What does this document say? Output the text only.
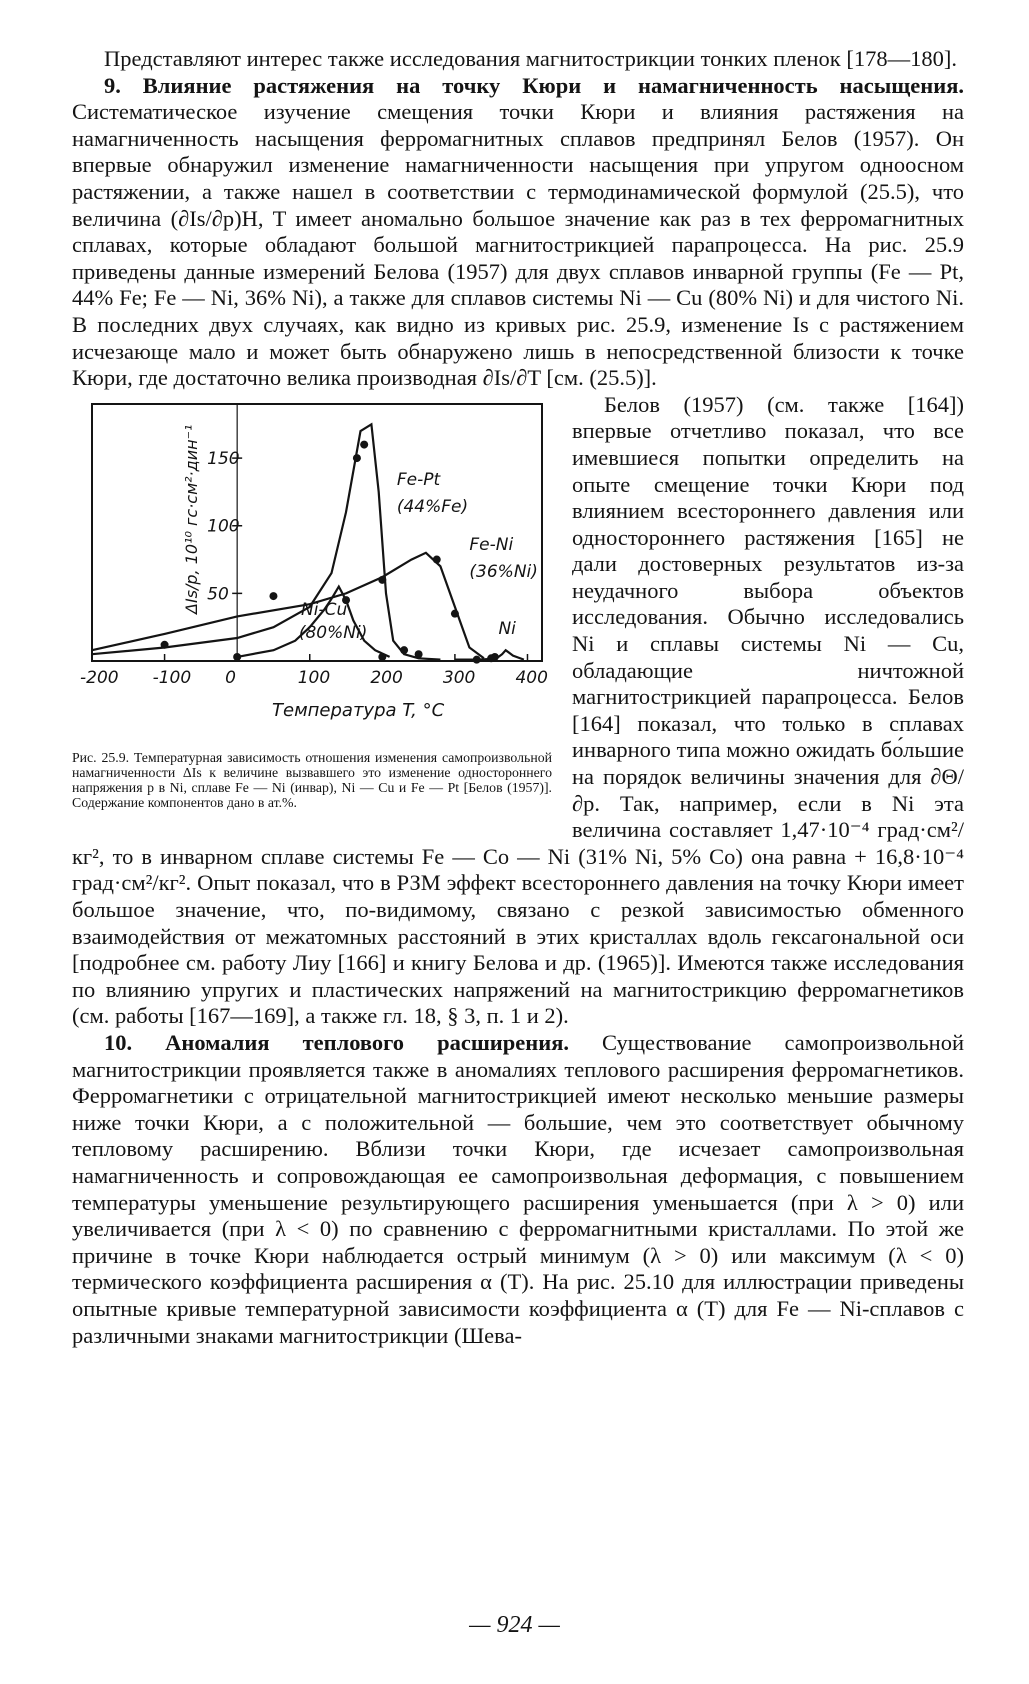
Представляют интерес также исследования магнитострикции тонких пленок [178—180].

9. Влияние растяжения на точку Кюри и намагниченность насыщения. Систематическое изучение смещения точки Кюри и влияния растяжения на намагниченность насыщения ферромагнитных сплавов предпринял Белов (1957). Он впервые обнаружил изменение намагниченности насыщения при упругом одноосном растяжении, а также нашел в соответствии с термодинамической формулой (25.5), что величина (∂Is/∂p)H, T имеет аномально большое значение как раз в тех ферромагнитных сплавах, которые обладают большой магнитострикцией парапроцесса. На рис. 25.9 приведены данные измерений Белова (1957) для двух сплавов инварной группы (Fe — Pt, 44% Fe; Fe — Ni, 36% Ni), а также для сплавов системы Ni — Cu (80% Ni) и для чистого Ni. В последних двух случаях, как видно из кривых рис. 25.9, изменение Is с растяжением исчезающе мало и может быть обнаружено лишь в непосредственной близости к точке Кюри, где достаточно велика производная ∂Is/∂T [см. (25.5)].

-200 -100 0	100 200 300 400
50
100
150
Температура T, °C
ΔIs/p, 10¹⁰ гс·см²·дин⁻¹	Fe-Pt
(44%Fe)
Fe-Ni
(36%Ni)
Ni-Cu
(80%Ni)	Ni
Рис. 25.9. Температурная зависимость отношения изменения самопроизвольной намагниченности ΔIs к величине вызвавшего это изменение одностороннего напряжения p в Ni, сплаве Fe — Ni (инвар), Ni — Cu и Fe — Pt [Белов (1957)]. Содержание компонентов дано в ат.%.

Белов (1957) (см. также [164]) впервые отчетливо показал, что все имевшиеся попытки определить на опыте смещение точки Кюри под влиянием всестороннего давления или одностороннего растяжения [165] не дали достоверных результатов из-за неудачного выбора объектов исследования. Обычно исследовались Ni и сплавы системы Ni — Cu, обладающие ничтожной магнитострикцией парапроцесса. Белов [164] показал, что только в сплавах инварного типа можно ожидать бо́льшие на порядок величины значения для ∂Θ/∂p. Так, например, если в Ni эта величина составляет 1,47·10⁻⁴ град·см²/кг², то в инварном сплаве системы Fe — Co — Ni (31% Ni, 5% Co) она равна + 16,8·10⁻⁴ град·см²/кг². Опыт показал, что в РЗМ эффект всестороннего давления на точку Кюри имеет большое значение, что, по-видимому, связано с резкой зависимостью обменного взаимодействия от межатомных расстояний в этих кристаллах вдоль гексагональной оси [подробнее см. работу Лиу [166] и книгу Белова и др. (1965)]. Имеются также исследования по влиянию упругих и пластических напряжений на магнитострикцию ферромагнетиков (см. работы [167—169], а также гл. 18, § 3, п. 1 и 2).

10. Аномалия теплового расширения. Существование самопроизвольной магнитострикции проявляется также в аномалиях теплового расширения ферромагнетиков. Ферромагнетики с отрицательной магнитострикцией имеют несколько меньшие размеры ниже точки Кюри, а с положительной — большие, чем это соответствует обычному тепловому расширению. Вблизи точки Кюри, где исчезает самопроизвольная намагниченность и сопровождающая ее самопроизвольная деформация, с повышением температуры уменьшение результирующего расширения уменьшается (при λ > 0) или увеличивается (при λ < 0) по сравнению с ферромагнитными кристаллами. По этой же причине в точке Кюри наблюдается острый минимум (λ > 0) или максимум (λ < 0) термического коэффициента расширения α (T). На рис. 25.10 для иллюстрации приведены опытные кривые температурной зависимости коэффициента α (T) для Fe — Ni-сплавов с различными знаками магнитострикции (Шева-

— 924 —
